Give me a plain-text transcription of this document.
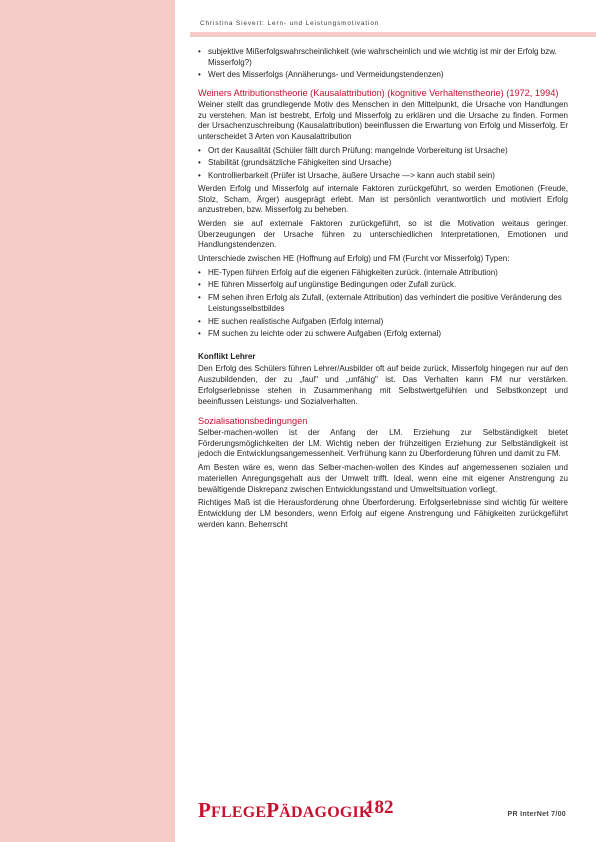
Christina Sievert: Lern- und Leistungsmotivation
• subjektive Mißerfolgswahrscheinlichkeit (wie wahrscheinlich und wie wichtig ist mir der Erfolg bzw. Misserfolg?)
• Wert des Misserfolgs (Annäherungs- und Vermeidungstendenzen)
Weiners Attributionstheorie (Kausalattribution) (kognitive Verhaltenstheorie) (1972, 1994)

Weiner stellt das grundlegende Motiv des Menschen in den Mittelpunkt, die Ursache von Handlungen zu verstehen. Man ist bestrebt, Erfolg und Misserfolg zu erklären und die Ursache zu finden. Formen der Ursachenzuschreibung (Kausalattribution) beeinflussen die Erwartung von Erfolg und Misserfolg. Er unterscheidet 3 Arten von Kausalattribution

• Ort der Kausalität (Schüler fällt durch Prüfung: mangelnde Vorbereitung ist Ursache)
• Stabilität (grundsätzliche Fähigkeiten sind Ursache)
• Kontrollierbarkeit (Prüfer ist Ursache, äußere Ursache —> kann auch stabil sein)

Werden Erfolg und Misserfolg auf internale Faktoren zurückgeführt, so werden Emotionen (Freude, Stolz, Scham, Ärger) ausgeprägt erlebt. Man ist persönlich verantwortlich und motiviert Erfolg anzustreben, bzw. Misserfolg zu beheben.

Werden sie auf externale Faktoren zurückgeführt, so ist die Motivation weitaus geringer. Überzeugungen der Ursache führen zu unterschiedlichen Interpretationen, Emotionen und Handlungstendenzen.

Unterschiede zwischen HE (Hoffnung auf Erfolg) und FM (Furcht vor Misserfolg) Typen:

• HE-Typen führen Erfolg auf die eigenen Fähigkeiten zurück. (internale Attribution)
• HE führen Misserfolg auf ungünstige Bedingungen oder Zufall zurück.
• FM sehen ihren Erfolg als Zufall, (externale Attribution) das verhindert die positive Veränderung des Leistungsselbstbildes
• HE suchen realistische Aufgaben (Erfolg internal)
• FM suchen zu leichte oder zu schwere Aufgaben (Erfolg external)
Konflikt Lehrer

Den Erfolg des Schülers führen Lehrer/Ausbilder oft auf beide zurück, Misserfolg hingegen nur auf den Auszubildenden, der zu „faul" und „unfähig" ist. Das Verhalten kann FM nur verstärken. Erfolgserlebnisse stehen in Zusammenhang mit Selbstwertgefühlen und Selbstkonzept und beeinflussen Leistungs- und Sozialverhalten.

Sozialisationsbedingungen

Selber-machen-wollen ist der Anfang der LM. Erziehung zur Selbständigkeit bietet Förderungsmöglichkeiten der LM. Wichtig neben der frühzeitigen Erziehung zur Selbständigkeit ist jedoch die Entwicklungsangemessenheit. Verfrühung kann zu Überforderung führen und damit zu FM.

Am Besten wäre es, wenn das Selber-machen-wollen des Kindes auf angemessenen sozialen und materiellen Anregungsgehalt aus der Umwelt trifft. Ideal, wenn eine mit eigener Anstrengung zu bewältigende Diskrepanz zwischen Entwicklungsstand und Umweltsituation vorliegt.

Richtiges Maß ist die Herausforderung ohne Überforderung. Erfolgserlebnisse sind wichtig für weitere Entwicklung der LM besonders, wenn Erfolg auf eigene Anstrengung und Fähigkeiten zurückgeführt werden kann. Beherrscht

PFLEGEPÄDAGOGIK
182	PR InterNet 7/00
